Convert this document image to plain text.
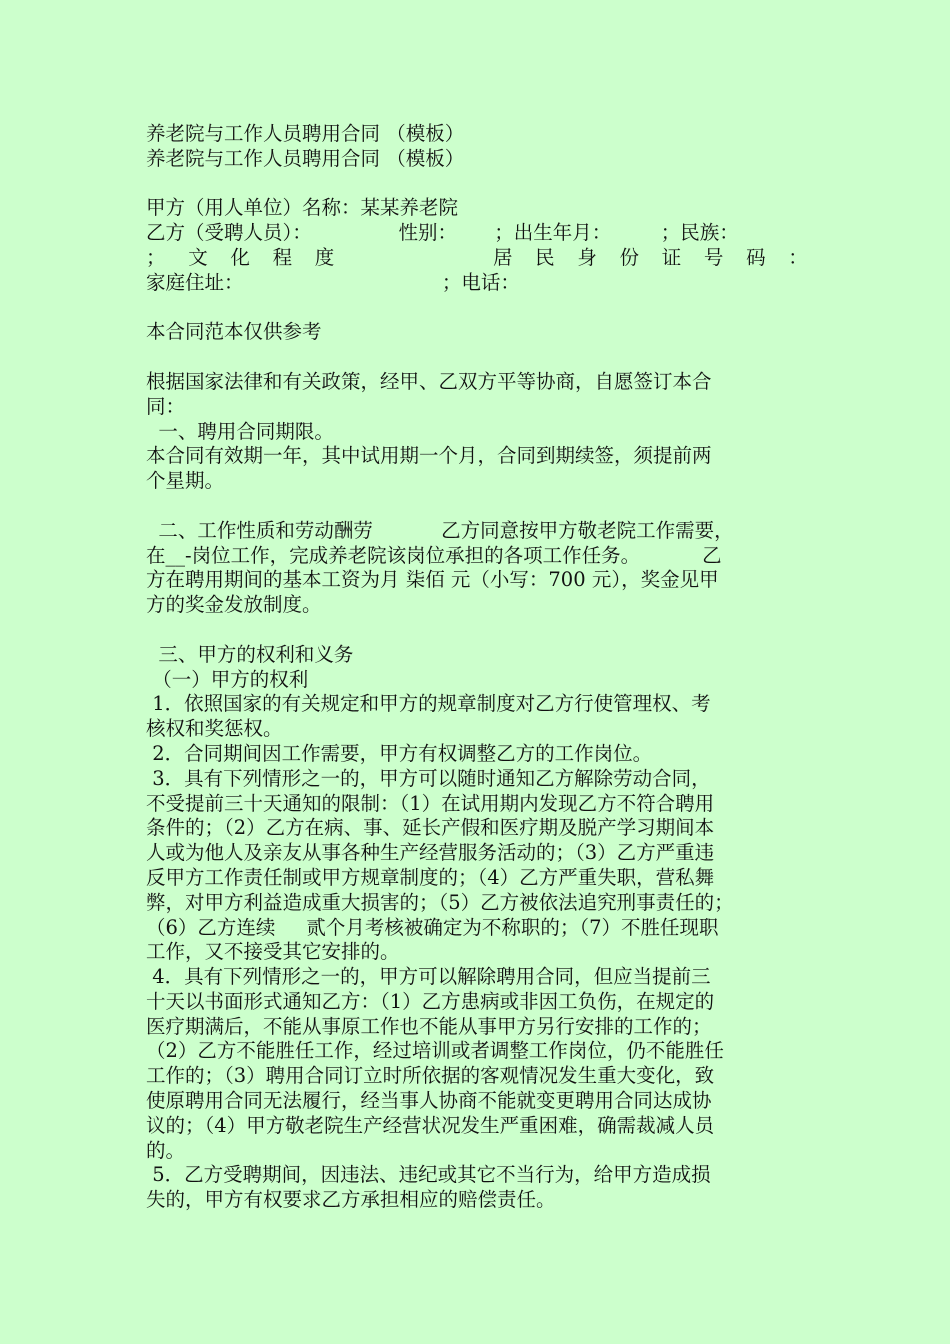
养老院与工作人员聘用合同 （模板）
养老院与工作人员聘用合同 （模板）
甲方（用人单位）名称：某某养老院
乙方（受聘人员）：              性别：      ；出生年月：        ；民族：
； 文 化 程 度	居 民 身 份 证 号 码 ：
家庭住址：                                ；电话：
本合同范本仅供参考
根据国家法律和有关政策，经甲、乙双方平等协商，自愿签订本合
同：
一、聘用合同期限。
本合同有效期一年，其中试用期一个月，合同到期续签，须提前两
个星期。
二、工作性质和劳动酬劳           乙方同意按甲方敬老院工作需要，
在__-岗位工作，完成养老院该岗位承担的各项工作任务。          乙
方在聘用期间的基本工资为月 柒佰 元（小写：700 元），奖金见甲
方的奖金发放制度。
三、甲方的权利和义务
（一）甲方的权利
1．依照国家的有关规定和甲方的规章制度对乙方行使管理权、考
核权和奖惩权。
2．合同期间因工作需要，甲方有权调整乙方的工作岗位。
3．具有下列情形之一的，甲方可以随时通知乙方解除劳动合同，
不受提前三十天通知的限制：（1）在试用期内发现乙方不符合聘用
条件的；（2）乙方在病、事、延长产假和医疗期及脱产学习期间本
人或为他人及亲友从事各种生产经营服务活动的；（3）乙方严重违
反甲方工作责任制或甲方规章制度的；（4）乙方严重失职，营私舞
弊，对甲方利益造成重大损害的；（5）乙方被依法追究刑事责任的；
（6）乙方连续     贰个月考核被确定为不称职的；（7）不胜任现职
工作，又不接受其它安排的。
4．具有下列情形之一的，甲方可以解除聘用合同，但应当提前三
十天以书面形式通知乙方：（1）乙方患病或非因工负伤，在规定的
医疗期满后，不能从事原工作也不能从事甲方另行安排的工作的；
（2）乙方不能胜任工作，经过培训或者调整工作岗位，仍不能胜任
工作的；（3）聘用合同订立时所依据的客观情况发生重大变化，致
使原聘用合同无法履行，经当事人协商不能就变更聘用合同达成协
议的；（4）甲方敬老院生产经营状况发生严重困难，确需裁减人员
的。
5．乙方受聘期间，因违法、违纪或其它不当行为，给甲方造成损
失的，甲方有权要求乙方承担相应的赔偿责任。
